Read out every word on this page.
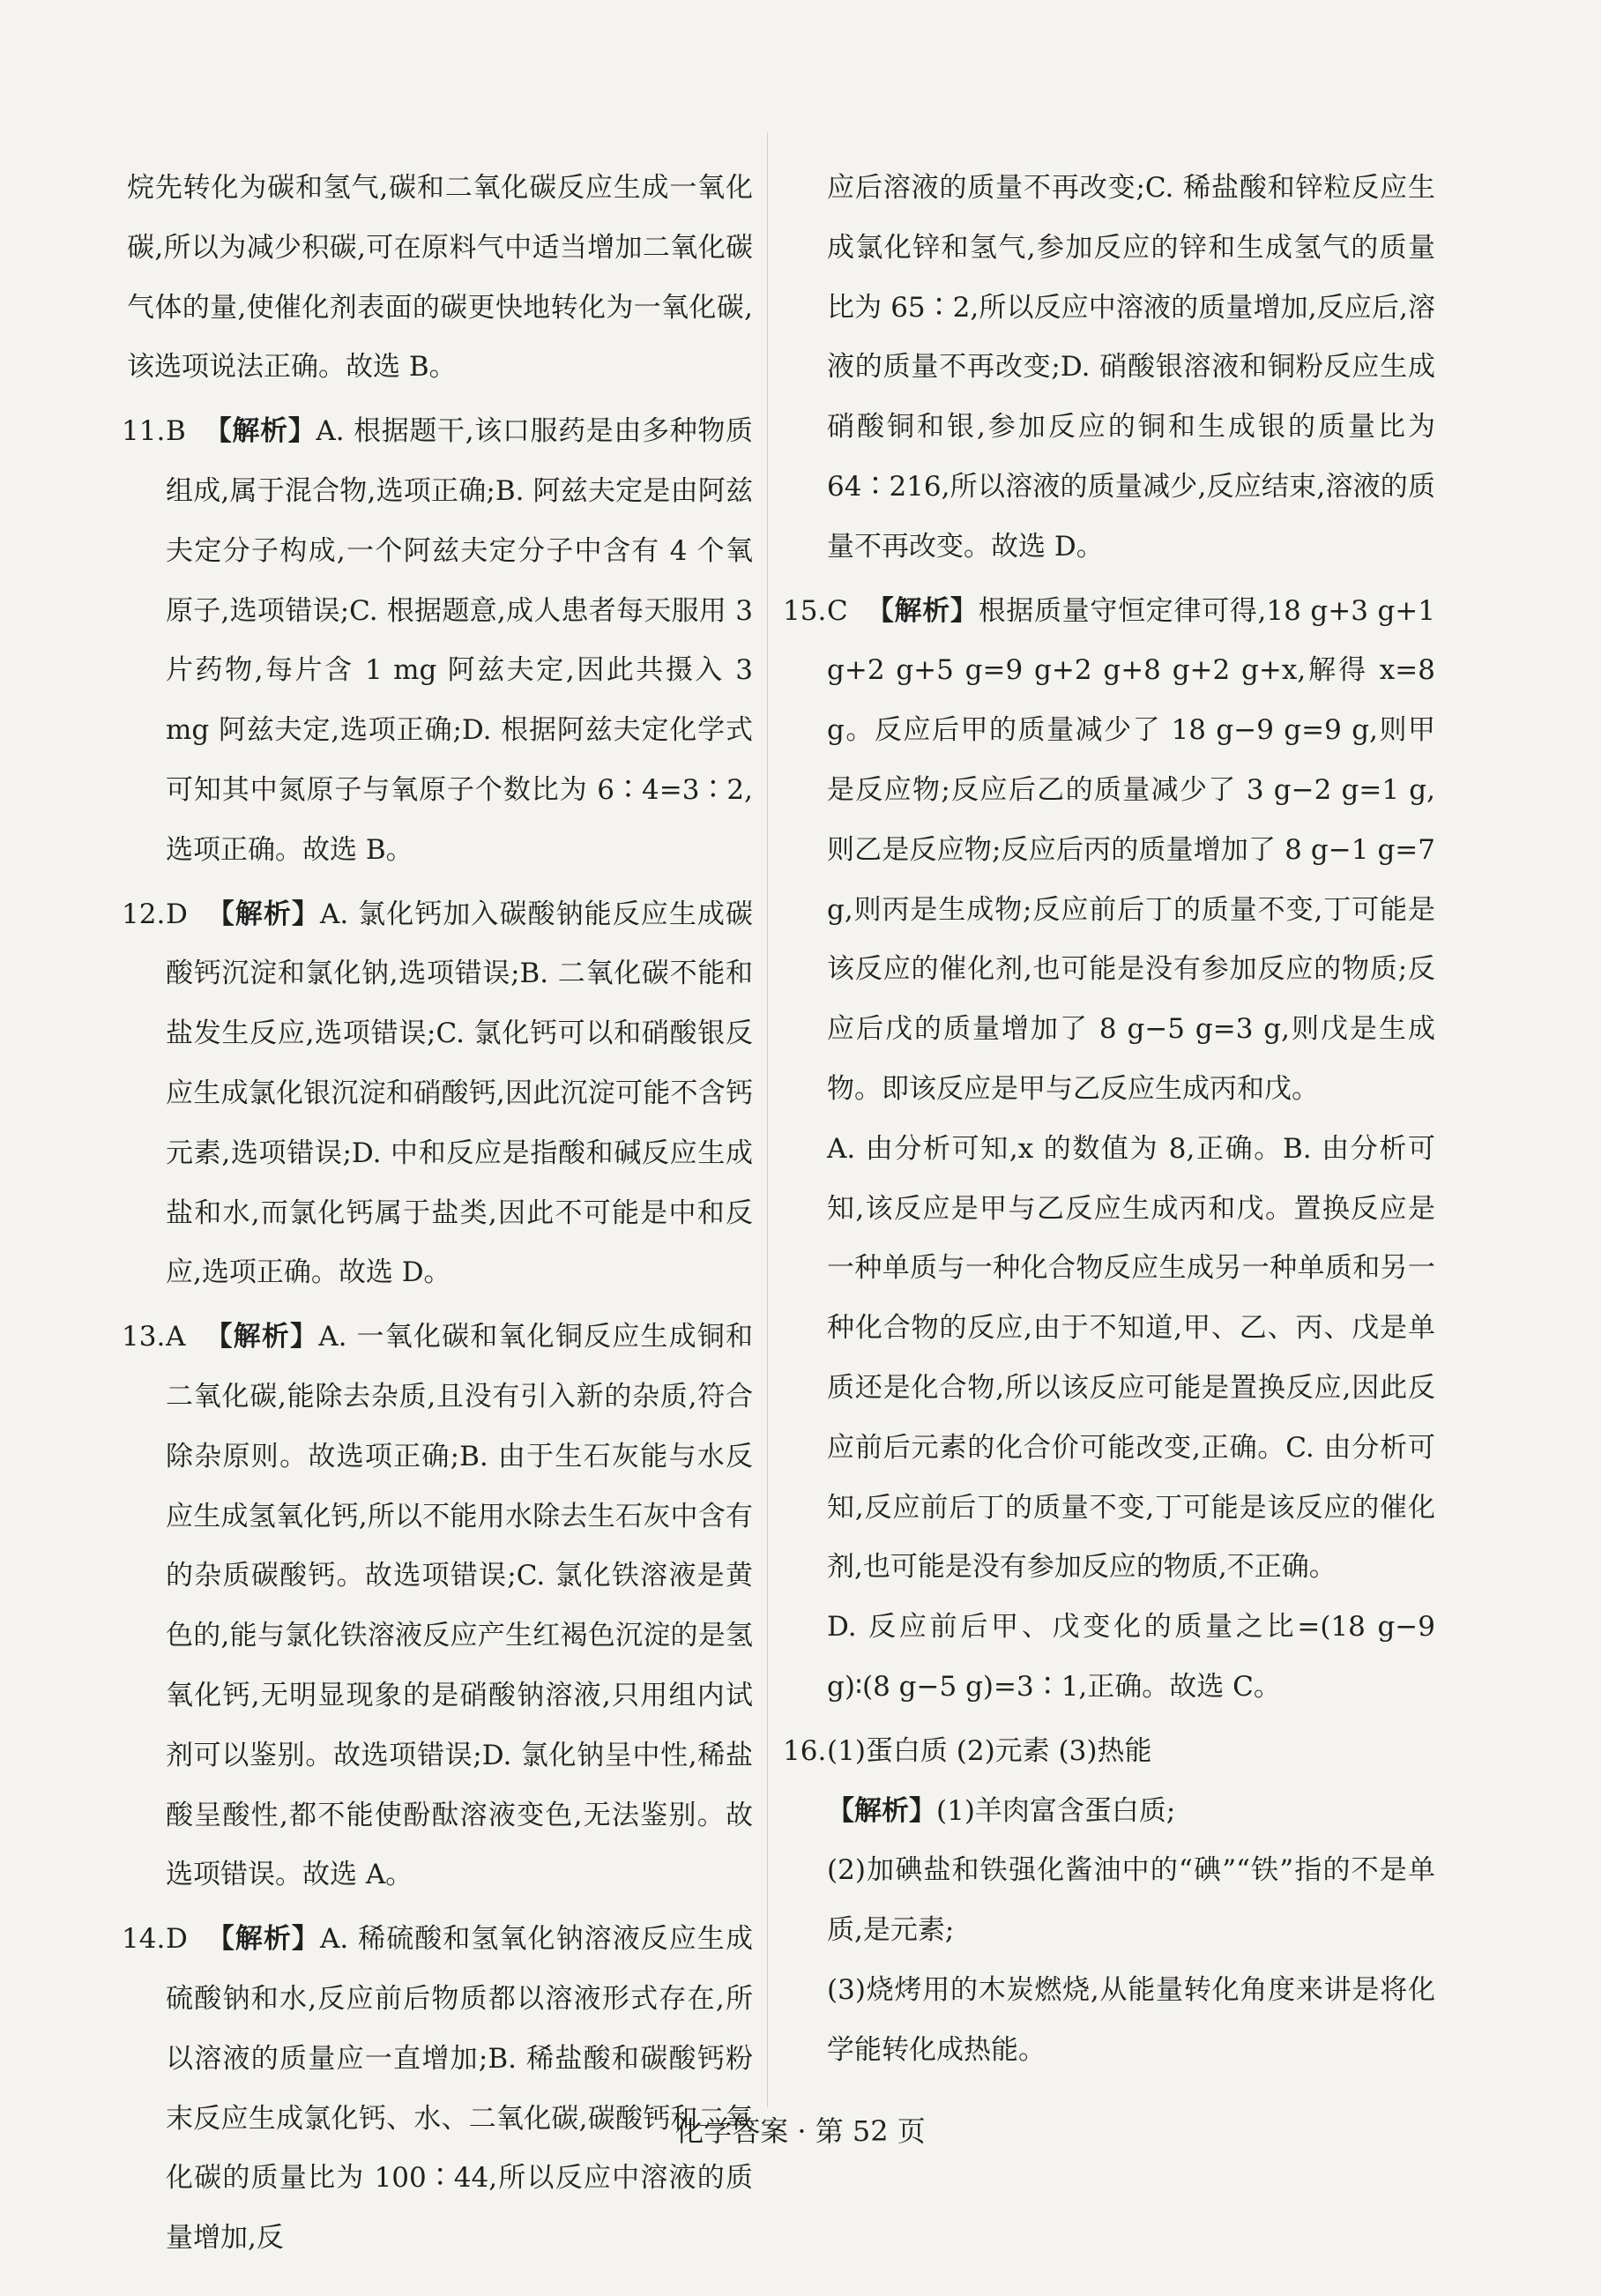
烷先转化为碳和氢气,碳和二氧化碳反应生成一氧化碳,所以为减少积碳,可在原料气中适当增加二氧化碳气体的量,使催化剂表面的碳更快地转化为一氧化碳,该选项说法正确。故选 B。

11.B 【解析】A. 根据题干,该口服药是由多种物质组成,属于混合物,选项正确;B. 阿兹夫定是由阿兹夫定分子构成,一个阿兹夫定分子中含有 4 个氧原子,选项错误;C. 根据题意,成人患者每天服用 3 片药物,每片含 1 mg 阿兹夫定,因此共摄入 3 mg 阿兹夫定,选项正确;D. 根据阿兹夫定化学式可知其中氮原子与氧原子个数比为 6∶4=3∶2,选项正确。故选 B。

12.D 【解析】A. 氯化钙加入碳酸钠能反应生成碳酸钙沉淀和氯化钠,选项错误;B. 二氧化碳不能和盐发生反应,选项错误;C. 氯化钙可以和硝酸银反应生成氯化银沉淀和硝酸钙,因此沉淀可能不含钙元素,选项错误;D. 中和反应是指酸和碱反应生成盐和水,而氯化钙属于盐类,因此不可能是中和反应,选项正确。故选 D。

13.A 【解析】A. 一氧化碳和氧化铜反应生成铜和二氧化碳,能除去杂质,且没有引入新的杂质,符合除杂原则。故选项正确;B. 由于生石灰能与水反应生成氢氧化钙,所以不能用水除去生石灰中含有的杂质碳酸钙。故选项错误;C. 氯化铁溶液是黄色的,能与氯化铁溶液反应产生红褐色沉淀的是氢氧化钙,无明显现象的是硝酸钠溶液,只用组内试剂可以鉴别。故选项错误;D. 氯化钠呈中性,稀盐酸呈酸性,都不能使酚酞溶液变色,无法鉴别。故选项错误。故选 A。

14.D 【解析】A. 稀硫酸和氢氧化钠溶液反应生成硫酸钠和水,反应前后物质都以溶液形式存在,所以溶液的质量应一直增加;B. 稀盐酸和碳酸钙粉末反应生成氯化钙、水、二氧化碳,碳酸钙和二氧化碳的质量比为 100∶44,所以反应中溶液的质量增加,反

应后溶液的质量不再改变;C. 稀盐酸和锌粒反应生成氯化锌和氢气,参加反应的锌和生成氢气的质量比为 65∶2,所以反应中溶液的质量增加,反应后,溶液的质量不再改变;D. 硝酸银溶液和铜粉反应生成硝酸铜和银,参加反应的铜和生成银的质量比为 64∶216,所以溶液的质量减少,反应结束,溶液的质量不再改变。故选 D。

15.C 【解析】根据质量守恒定律可得,18 g+3 g+1 g+2 g+5 g=9 g+2 g+8 g+2 g+x,解得 x=8 g。反应后甲的质量减少了 18 g−9 g=9 g,则甲是反应物;反应后乙的质量减少了 3 g−2 g=1 g,则乙是反应物;反应后丙的质量增加了 8 g−1 g=7 g,则丙是生成物;反应前后丁的质量不变,丁可能是该反应的催化剂,也可能是没有参加反应的物质;反应后戊的质量增加了 8 g−5 g=3 g,则戊是生成物。即该反应是甲与乙反应生成丙和戊。

A. 由分析可知,x 的数值为 8,正确。B. 由分析可知,该反应是甲与乙反应生成丙和戊。置换反应是一种单质与一种化合物反应生成另一种单质和另一种化合物的反应,由于不知道,甲、乙、丙、戊是单质还是化合物,所以该反应可能是置换反应,因此反应前后元素的化合价可能改变,正确。C. 由分析可知,反应前后丁的质量不变,丁可能是该反应的催化剂,也可能是没有参加反应的物质,不正确。

D. 反应前后甲、戊变化的质量之比=(18 g−9 g)∶(8 g−5 g)=3∶1,正确。故选 C。

16.(1)蛋白质 (2)元素 (3)热能

【解析】(1)羊肉富含蛋白质;

(2)加碘盐和铁强化酱油中的“碘”“铁”指的不是单质,是元素;

(3)烧烤用的木炭燃烧,从能量转化角度来讲是将化学能转化成热能。

化学答案 · 第 52 页
